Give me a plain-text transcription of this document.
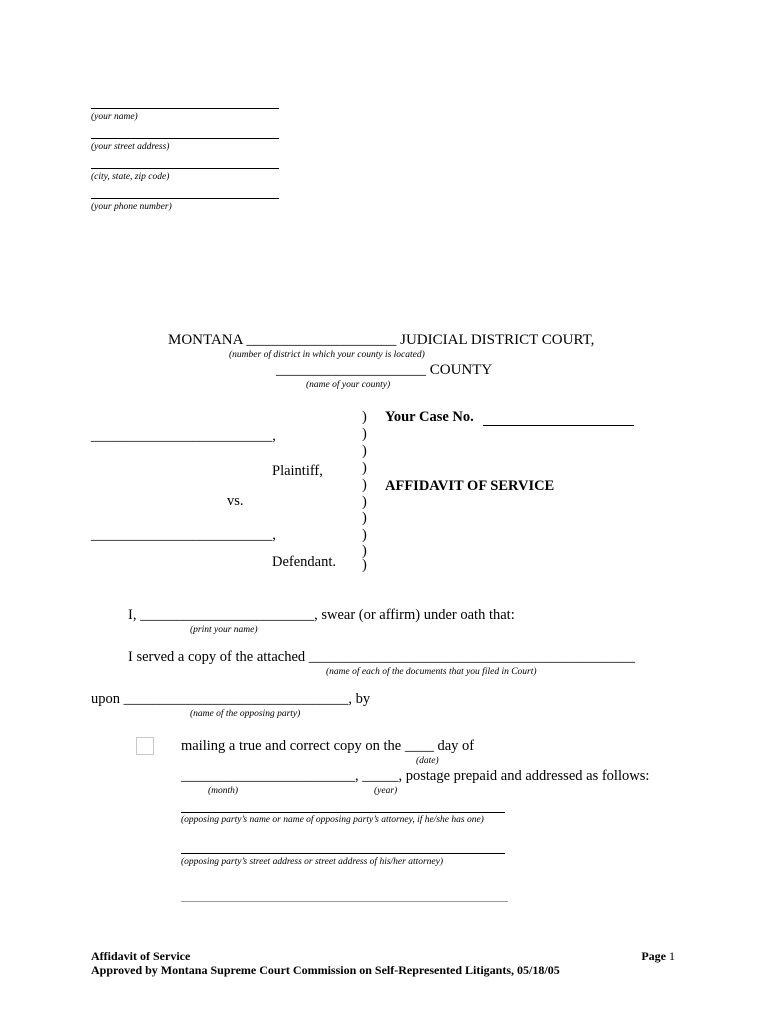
(your name)
(your street address)
(city, state, zip code)
(your phone number)
MONTANA ____________________ JUDICIAL DISTRICT COURT,
(number of district in which your county is located)
____________________ COUNTY
(name of your county)
_________________________,
Plaintiff,
vs.
_________________________,
Defendant.
)
)
)
)
)
)
)
)
)
)
Your Case No.
AFFIDAVIT OF SERVICE
I, ________________________, swear (or affirm) under oath that:
(print your name)
I served a copy of the attached _____________________________________________
(name of each of the documents that you filed in Court)
upon _______________________________, by
(name of the opposing party)
mailing a true and correct copy on the ____ day of
(date)
________________________, _____, postage prepaid and addressed as follows:
(month)	(year)
(opposing party’s name or name of opposing party’s attorney, if he/she has one)
(opposing party’s street address or street address of his/her attorney)
Affidavit of Service
Approved by Montana Supreme Court Commission on Self-Represented Litigants, 05/18/05
Page 1
